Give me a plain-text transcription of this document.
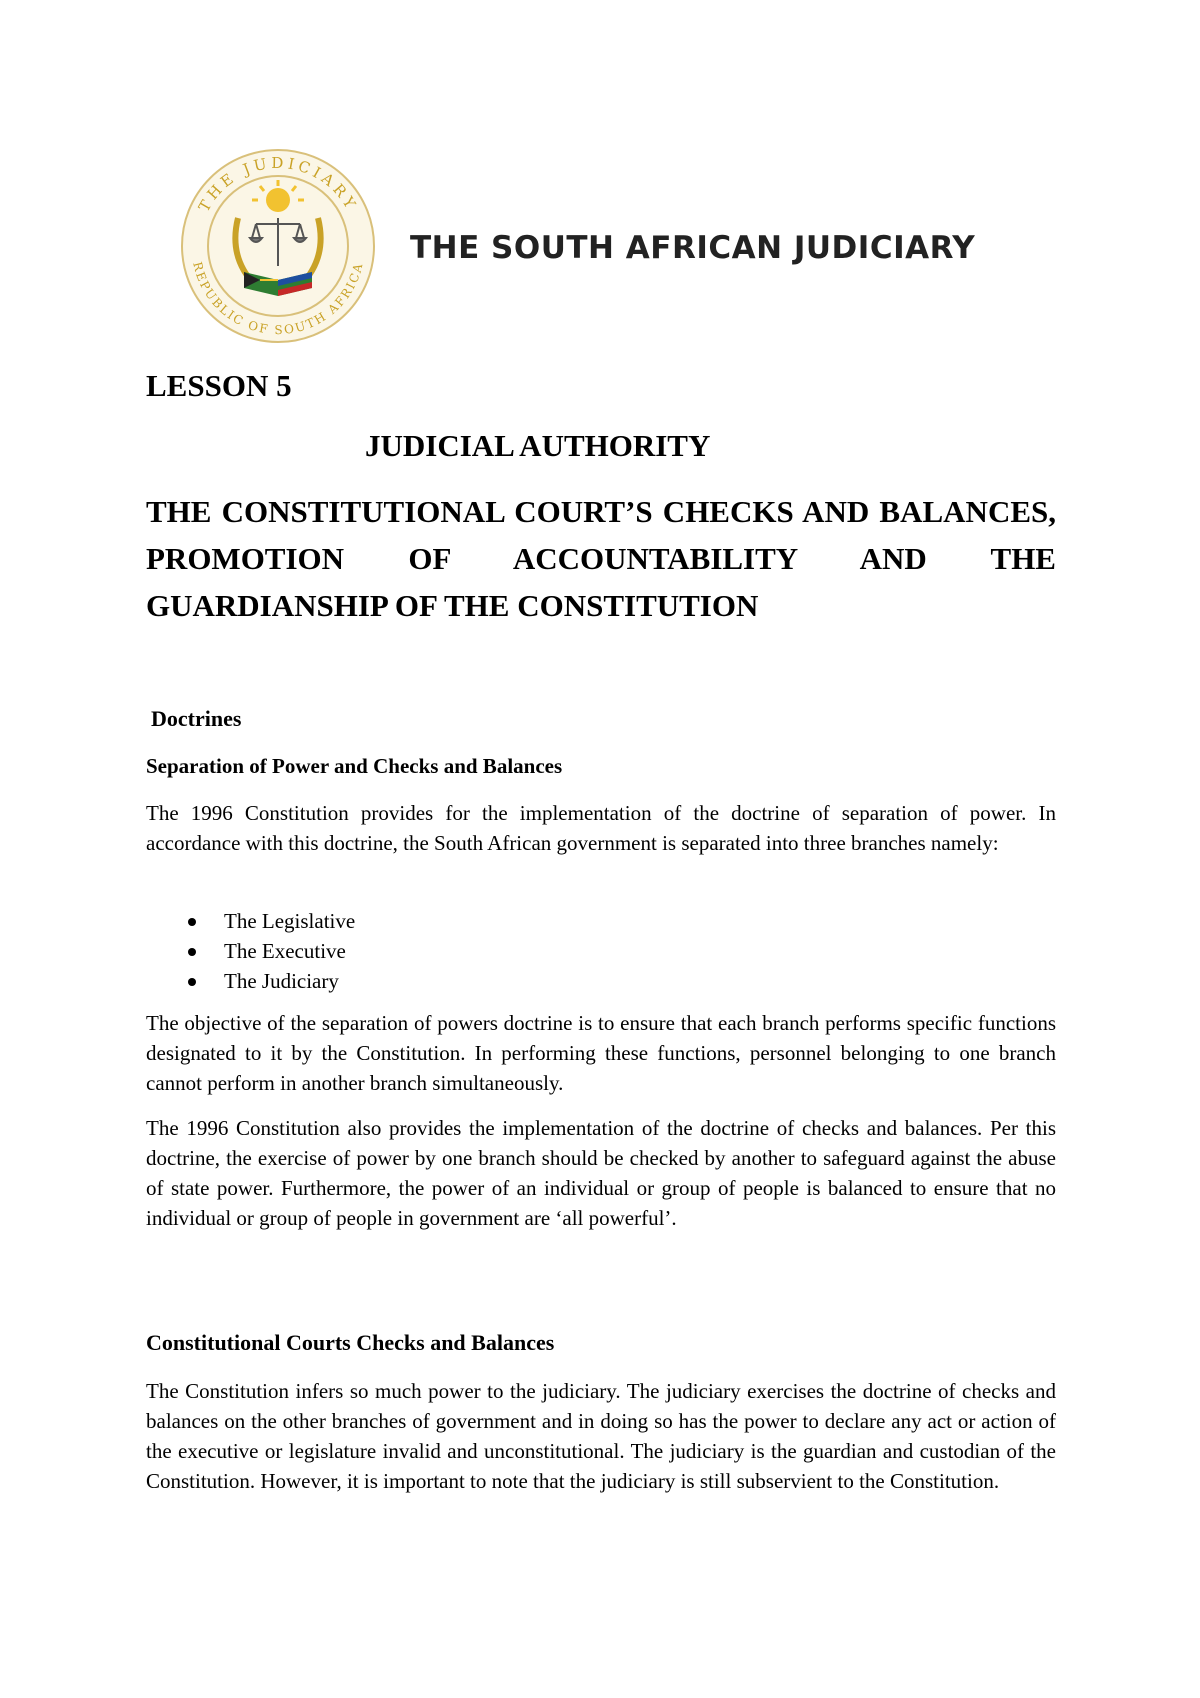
THE JUDICIARY
REPUBLIC OF SOUTH AFRICA
THE SOUTH AFRICAN JUDICIARY
LESSON 5
JUDICIAL AUTHORITY
THE CONSTITUTIONAL COURT’S CHECKS AND BALANCES, PROMOTION OF ACCOUNTABILITY AND THE GUARDIANSHIP OF THE CONSTITUTION
Doctrines
Separation of Power and Checks and Balances

The 1996 Constitution provides for the implementation of the doctrine of separation of power. In accordance with this doctrine, the South African government is separated into three branches namely:

The Legislative
The Executive
The Judiciary

The objective of the separation of powers doctrine is to ensure that each branch performs specific functions designated to it by the Constitution. In performing these functions, personnel belonging to one branch cannot perform in another branch simultaneously.

The 1996 Constitution also provides the implementation of the doctrine of checks and balances. Per this doctrine, the exercise of power by one branch should be checked by another to safeguard against the abuse of state power. Furthermore, the power of an individual or group of people is balanced to ensure that no individual or group of people in government are ‘all powerful’.

Constitutional Courts Checks and Balances

The Constitution infers so much power to the judiciary. The judiciary exercises the doctrine of checks and balances on the other branches of government and in doing so has the power to declare any act or action of the executive or legislature invalid and unconstitutional. The judiciary is the guardian and custodian of the Constitution. However, it is important to note that the judiciary is still subservient to the Constitution.
